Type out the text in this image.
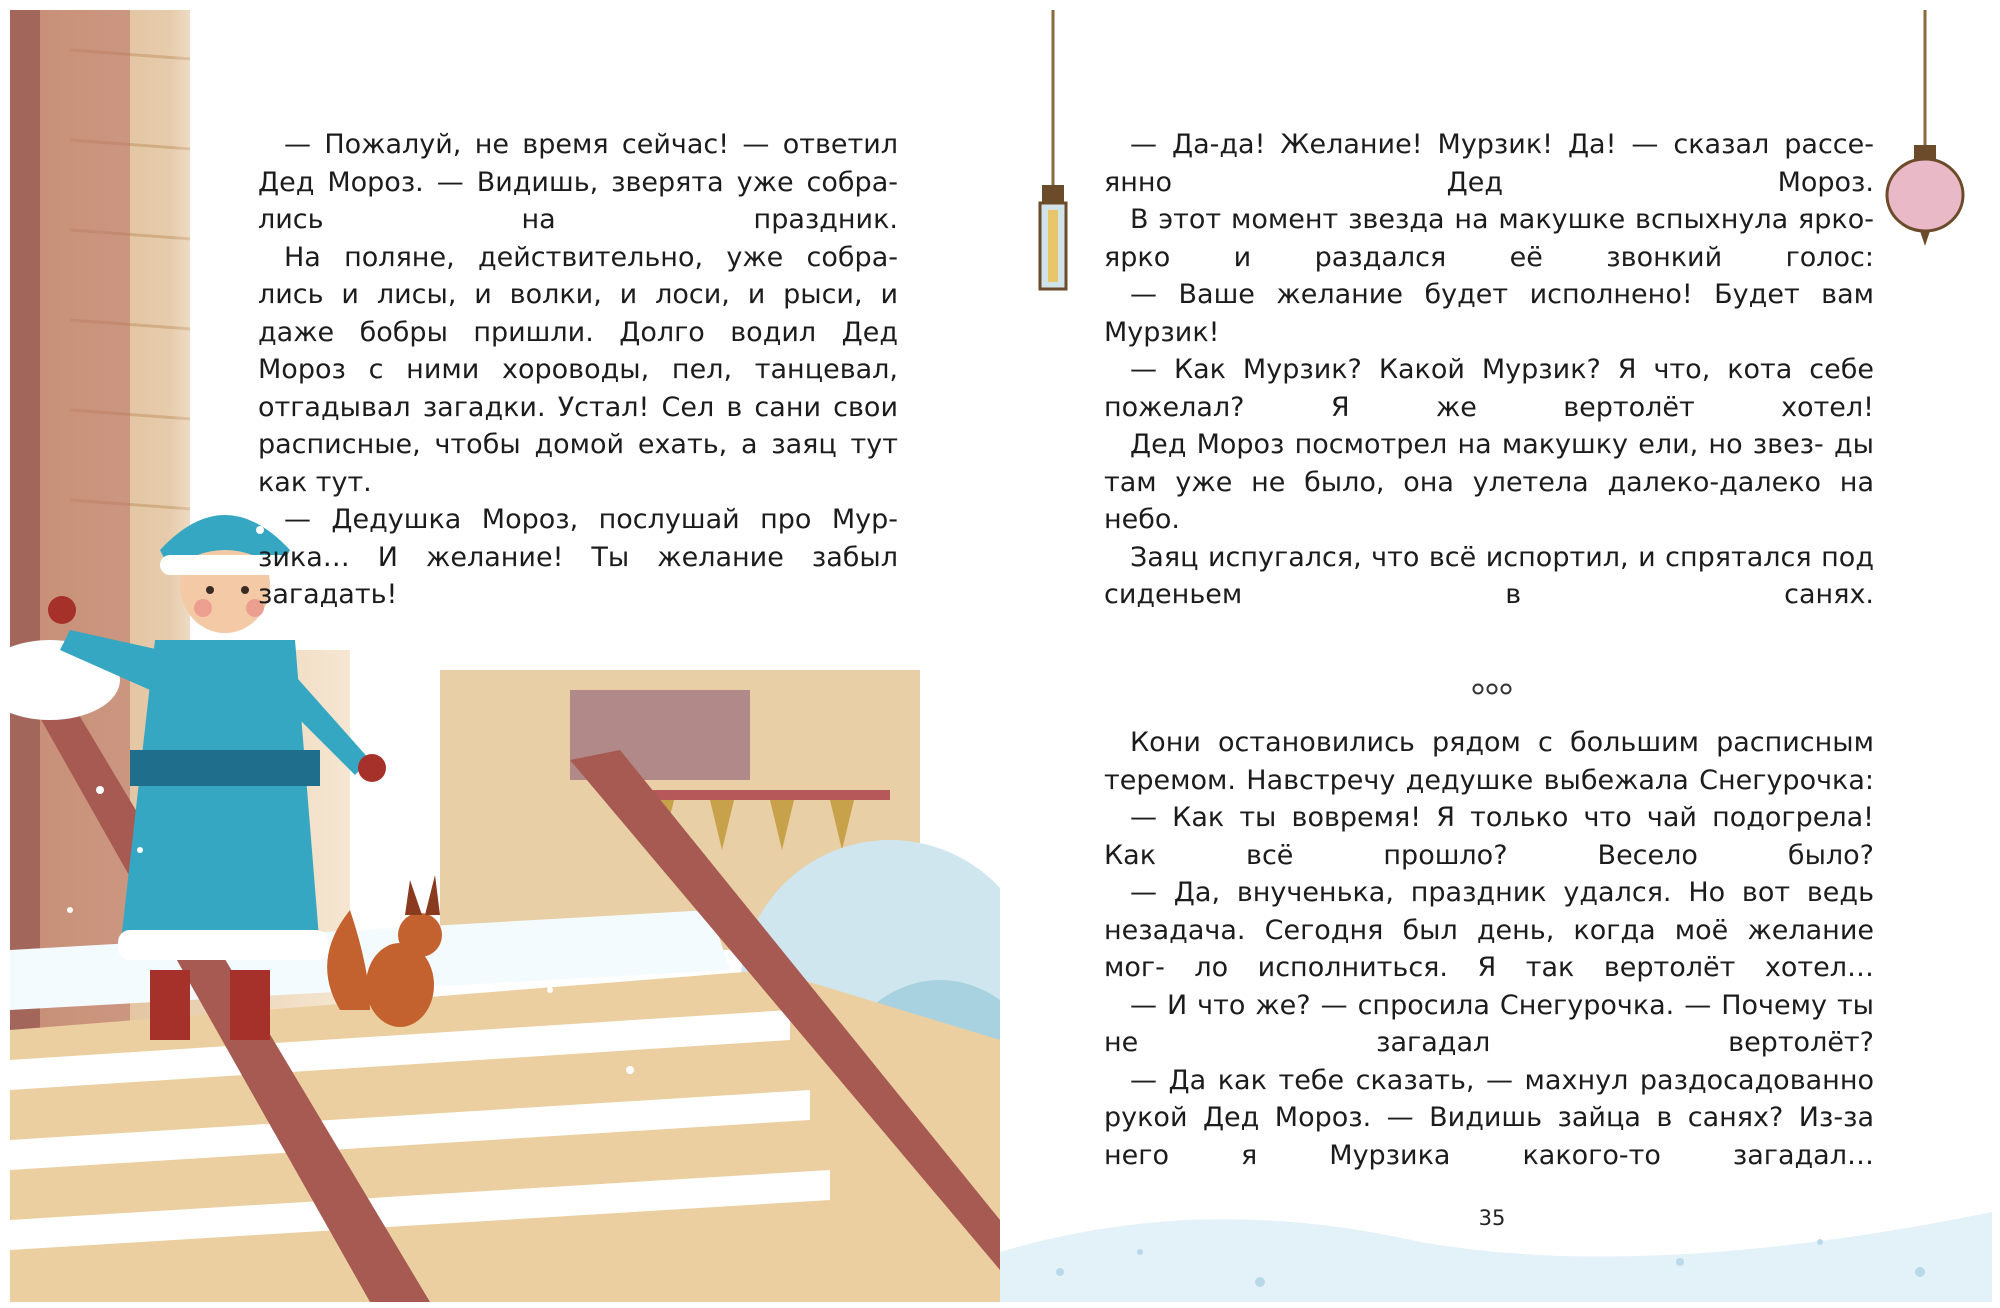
— Пожалуй, не время сейчас! — ответил Дед Мороз. — Видишь, зверята уже собра- лись на праздник.

На поляне, действительно, уже собра- лись и лисы, и волки, и лоси, и рыси, и даже бобры пришли. Долго водил Дед Мороз с ними хороводы, пел, танцевал, отгадывал загадки. Устал! Сел в сани свои расписные, чтобы домой ехать, а заяц тут как тут.

— Дедушка Мороз, послушай про Мур- зика… И желание! Ты желание забыл загадать!

— Да-да! Желание! Мурзик! Да! — сказал рассе- янно Дед Мороз.

В этот момент звезда на макушке вспыхнула ярко- ярко и раздался её звонкий голос:

— Ваше желание будет исполнено! Будет вам Мурзик!

— Как Мурзик? Какой Мурзик? Я что, кота себе пожелал? Я же вертолёт хотел!

Дед Мороз посмотрел на макушку ели, но звез- ды там уже не было, она улетела далеко-далеко на небо.

Заяц испугался, что всё испортил, и спрятался под сиденьем в санях.

Кони остановились рядом с большим расписным теремом. Навстречу дедушке выбежала Снегурочка:

— Как ты вовремя! Я только что чай подогрела! Как всё прошло? Весело было?

— Да, внученька, праздник удался. Но вот ведь незадача. Сегодня был день, когда моё желание мог- ло исполниться. Я так вертолёт хотел…

— И что же? — спросила Снегурочка. — Почему ты не загадал вертолёт?

— Да как тебе сказать, — махнул раздосадованно рукой Дед Мороз. — Видишь зайца в санях? Из-за него я Мурзика какого-то загадал…

35
